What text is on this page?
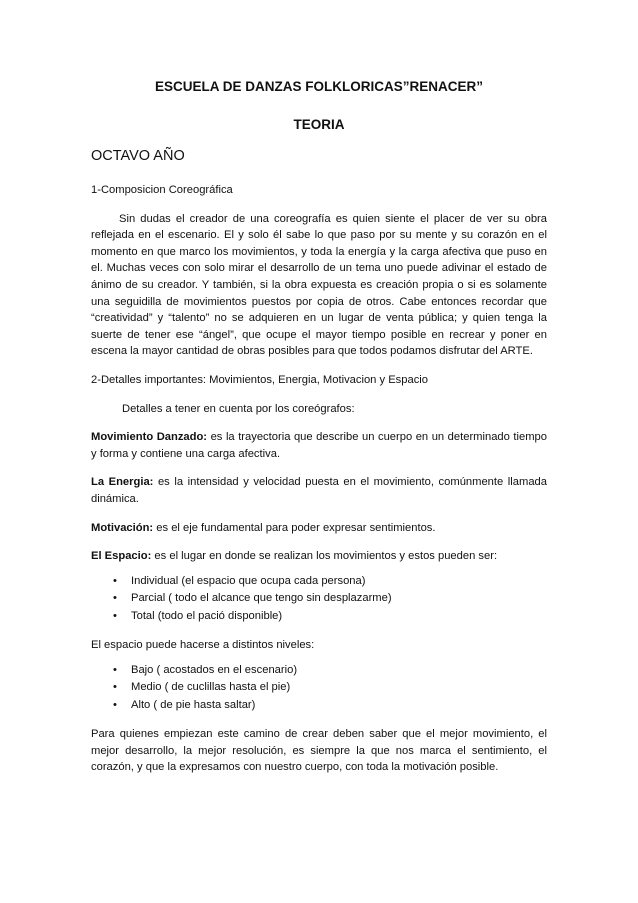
ESCUELA DE DANZAS FOLKLORICAS”RENACER”
TEORIA
OCTAVO AÑO

1-Composicion Coreográfica

Sin dudas el creador de una coreografía es quien siente el placer de ver su obra reflejada en el escenario. El y solo él sabe lo que paso por su mente y su corazón en el momento en que marco los movimientos, y toda la energía y la carga afectiva que puso en el. Muchas veces con solo mirar el desarrollo de un tema uno puede adivinar el estado de ánimo de su creador. Y también, si la obra expuesta es creación propia o si es solamente una seguidilla de movimientos puestos por copia de otros. Cabe entonces recordar que “creatividad” y “talento” no se adquieren en un lugar de venta pública; y quien tenga la suerte de tener ese “ángel”, que ocupe el mayor tiempo posible en recrear y poner en escena la mayor cantidad de obras posibles para que todos podamos disfrutar del ARTE.

2-Detalles importantes: Movimientos, Energia, Motivacion y Espacio

Detalles a tener en cuenta por los coreógrafos:

Movimiento Danzado: es la trayectoria que describe un cuerpo en un determinado tiempo y forma y contiene una carga afectiva.

La Energia: es la intensidad y velocidad puesta en el movimiento, comúnmente llamada dinámica.

Motivación: es el eje fundamental para poder expresar sentimientos.

El Espacio: es el lugar en donde se realizan los movimientos y estos pueden ser:

• Individual (el espacio que ocupa cada persona)
• Parcial ( todo el alcance que tengo sin desplazarme)
• Total (todo el pació disponible)

El espacio puede hacerse a distintos niveles:

• Bajo ( acostados en el escenario)
• Medio ( de cuclillas hasta el pie)
• Alto ( de pie hasta saltar)

Para quienes empiezan este camino de crear deben saber que el mejor movimiento, el mejor desarrollo, la mejor resolución, es siempre la que nos marca el sentimiento, el corazón, y que la expresamos con nuestro cuerpo, con toda la motivación posible.
